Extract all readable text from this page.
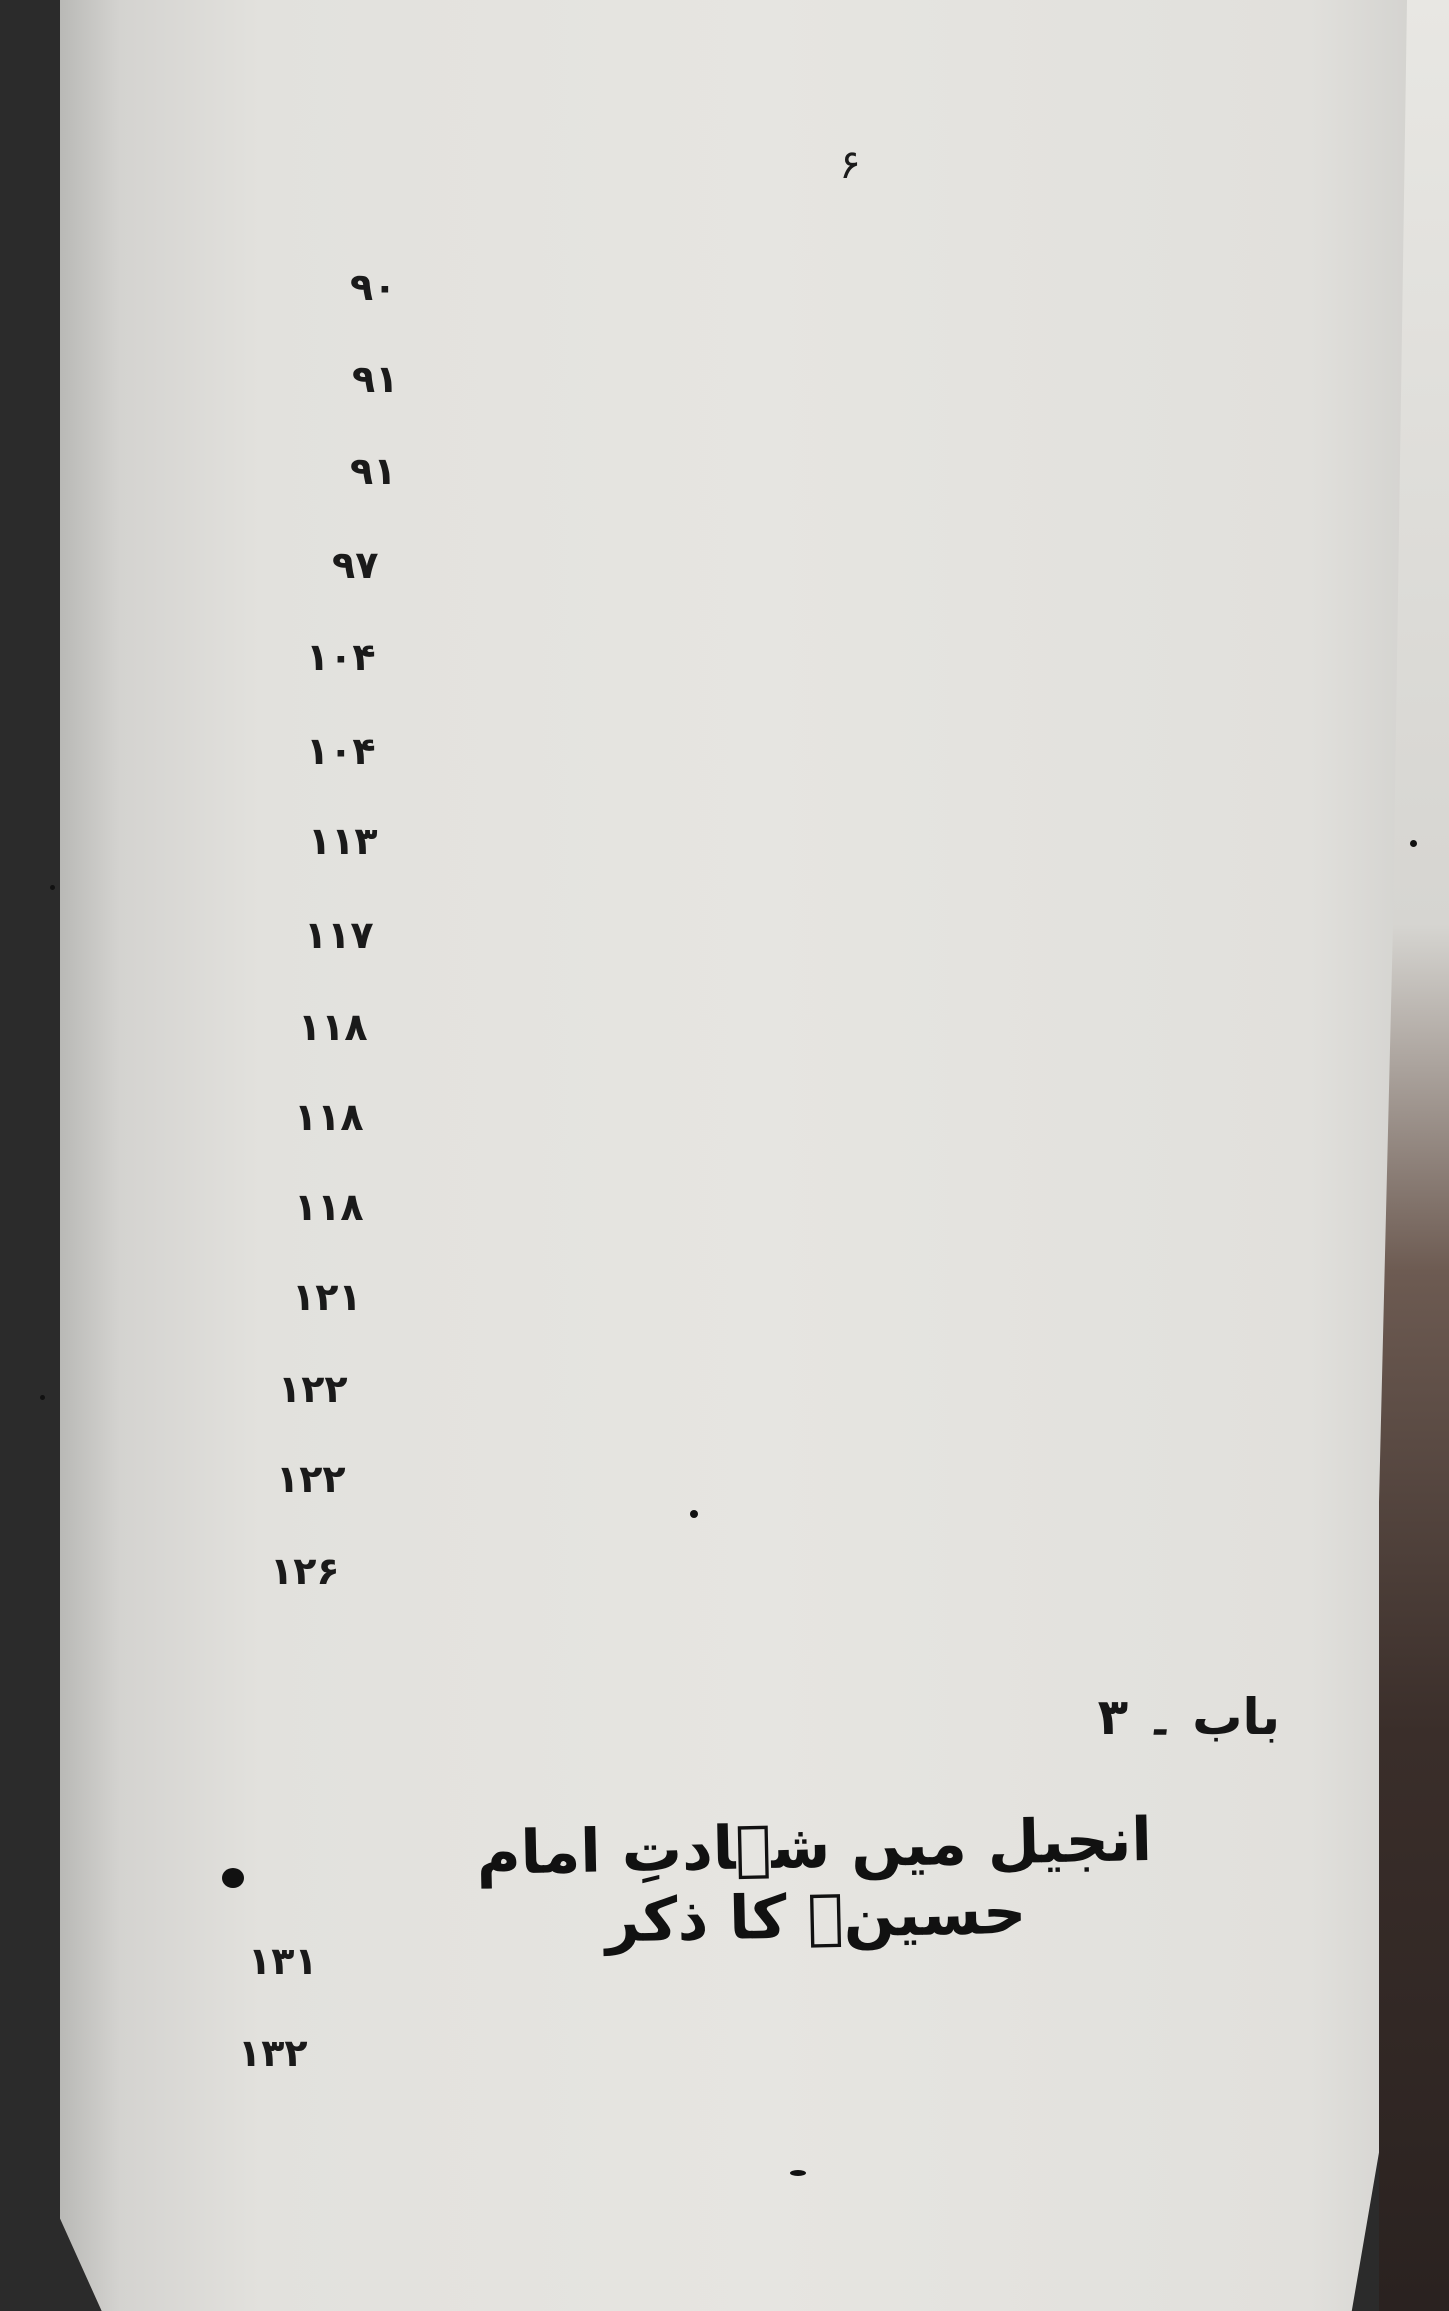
۶
۹۰
۹۱
۹۱
۹۷
۱۰۴
۱۰۴
۱۱۳
۱۱۷
۱۱۸
۱۱۸
۱۱۸
۱۲۱
۱۲۲
۱۲۲
۱۲۶
باب ۔ ۳
انجیل میں شہادتِ امام حسینؑ کا ذکر
۱۳۱
۱۳۲
